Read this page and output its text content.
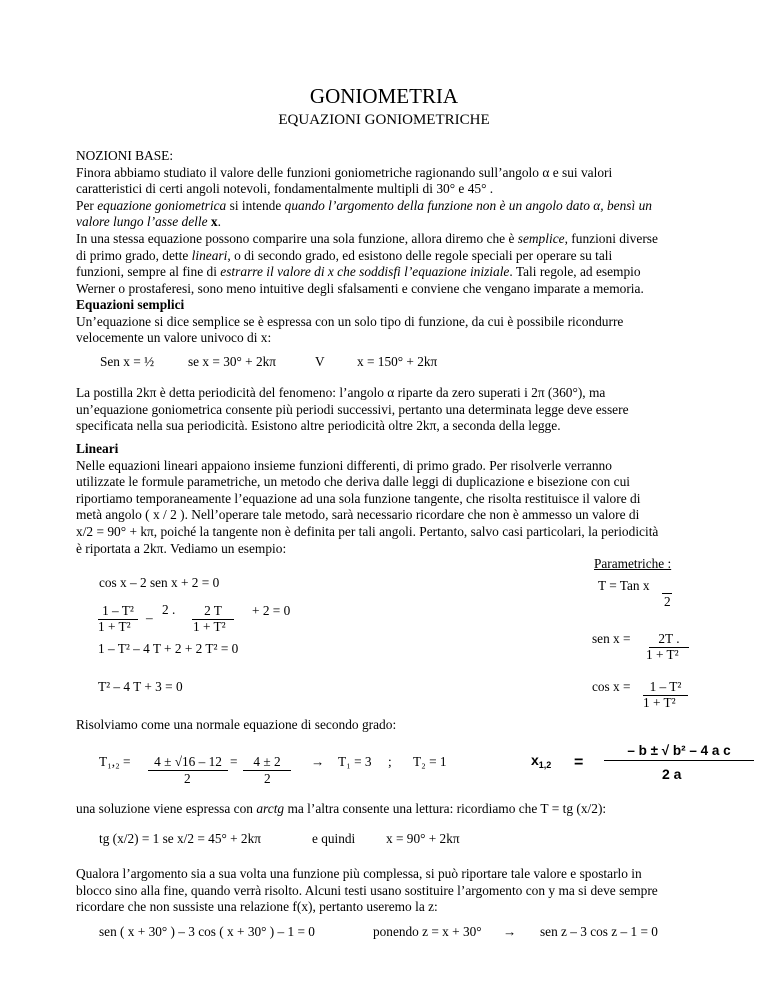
GONIOMETRIA
EQUAZIONI GONIOMETRICHE
NOZIONI BASE:
Finora abbiamo studiato il valore delle funzioni goniometriche ragionando sull’angolo α e sui valori
caratteristici di certi angoli notevoli, fondamentalmente multipli di 30° e 45° .
Per equazione goniometrica si intende quando l’argomento della funzione non è un angolo dato α, bensì un
valore lungo l’asse delle x.
In una stessa equazione possono comparire una sola funzione, allora diremo che è semplice, funzioni diverse
di primo grado, dette lineari, o di secondo grado, ed esistono delle regole speciali per operare su tali
funzioni, sempre al fine di estrarre il valore di x che soddisfi l’equazione iniziale. Tali regole, ad esempio
Werner o prostaferesi, sono meno intuitive degli sfalsamenti e conviene che vengano imparate a memoria.
Equazioni semplici
Un’equazione si dice semplice se è espressa con un solo tipo di funzione, da cui è possibile ricondurre
velocemente un valore univoco di x:
Sen x = ½	se x = 30° + 2kπ	V x = 150° + 2kπ
La postilla 2kπ è detta periodicità del fenomeno: l’angolo α riparte da zero superati i 2π (360°), ma
un’equazione goniometrica consente più periodi successivi, pertanto una determinata legge deve essere
specificata nella sua periodicità. Esistono altre periodicità oltre 2kπ, a seconda della legge.
Lineari
Nelle equazioni lineari appaiono insieme funzioni differenti, di primo grado. Per risolverle verranno
utilizzate le formule parametriche, un metodo che deriva dalle leggi di duplicazione e bisezione con cui
riportiamo temporaneamente l’equazione ad una sola funzione tangente, che risolta restituisce il valore di
metà angolo ( x / 2 ). Nell’operare tale metodo, sarà necessario ricordare che non è ammesso un valore di
x/2 = 90° + kπ, poiché la tangente non è definita per tali angoli. Pertanto, salvo casi particolari, la periodicità
è riportata a 2kπ. Vediamo un esempio:
Parametriche :
T = Tan x
2
sen x =	2T .
1 + T²
cos x =	1 – T²
1 + T²
cos x – 2 sen x + 2 = 0
1 – T²
1 + T²
–
2 .	2 T
1 + T²
+ 2 = 0
1 – T² – 4 T + 2 + 2 T² = 0
T² – 4 T + 3 = 0
Risolviamo come una normale equazione di secondo grado:
T₁,₂ =	4 ± √16 – 12
2
=	4 ± 2
2
→ T₁ = 3 ; T₂ = 1	$x_{1,2}$ =
– b ± √ b² – 4 a c
2 a
una soluzione viene espressa con arctg ma l’altra consente una lettura: ricordiamo che T = tg (x/2):
tg (x/2) = 1 se x/2 = 45° + 2kπ	e quindi x = 90° + 2kπ
Qualora l’argomento sia a sua volta una funzione più complessa, si può riportare tale valore e spostarlo in
blocco sino alla fine, quando verrà risolto. Alcuni testi usano sostituire l’argomento con y ma si deve sempre
ricordare che non sussiste una relazione f(x), pertanto useremo la z:
sen ( x + 30° ) – 3 cos ( x + 30° ) – 1 = 0	ponendo z = x + 30° → sen z – 3 cos z – 1 = 0
